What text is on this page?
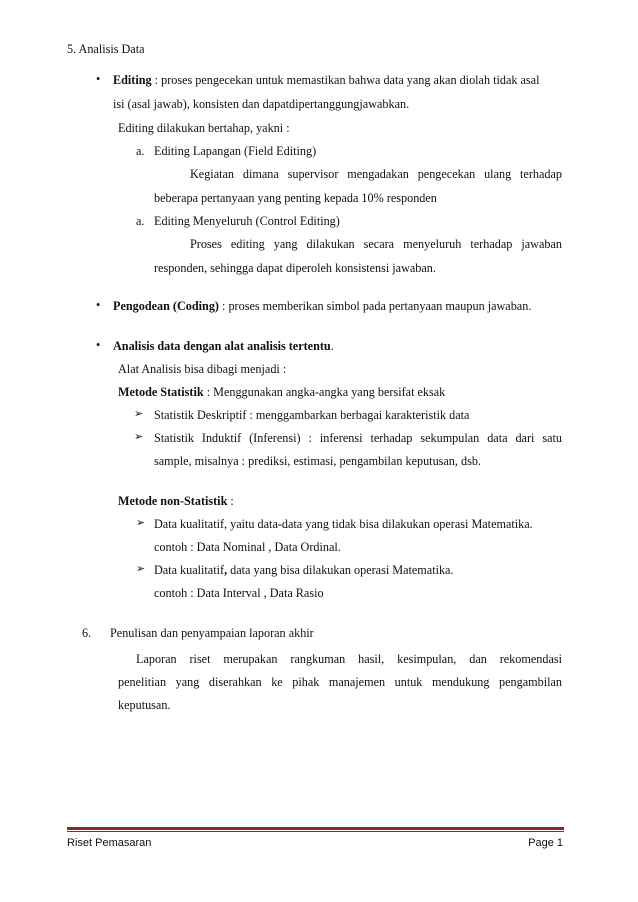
5. Analisis Data
• Editing : proses pengecekan untuk memastikan bahwa data yang akan diolah tidak asal
isi (asal jawab), konsisten dan dapatdipertanggungjawabkan.
Editing dilakukan bertahap, yakni :
a. Editing Lapangan (Field Editing)
Kegiatan dimana supervisor mengadakan pengecekan ulang terhadap
beberapa pertanyaan yang penting kepada 10% responden
a. Editing Menyeluruh (Control Editing)
Proses editing yang dilakukan secara menyeluruh terhadap jawaban
responden, sehingga dapat diperoleh konsistensi jawaban.
• Pengodean (Coding) : proses memberikan simbol pada pertanyaan maupun jawaban.
• Analisis data dengan alat analisis tertentu.
Alat Analisis bisa dibagi menjadi :
Metode Statistik : Menggunakan angka-angka yang bersifat eksak
➢ Statistik Deskriptif : menggambarkan berbagai karakteristik data
➢ Statistik Induktif (Inferensi) : inferensi terhadap sekumpulan data dari satu
sample, misalnya : prediksi, estimasi, pengambilan keputusan, dsb.
Metode non-Statistik :
➢ Data kualitatif, yaitu data-data yang tidak bisa dilakukan operasi Matematika.
contoh : Data Nominal , Data Ordinal.
➢ Data kualitatif, data yang bisa dilakukan operasi Matematika.
contoh : Data Interval , Data Rasio
6. Penulisan dan penyampaian laporan akhir
Laporan riset merupakan rangkuman hasil, kesimpulan, dan rekomendasi
penelitian yang diserahkan ke pihak manajemen untuk mendukung pengambilan
keputusan.
Riset Pemasaran	Page 1
